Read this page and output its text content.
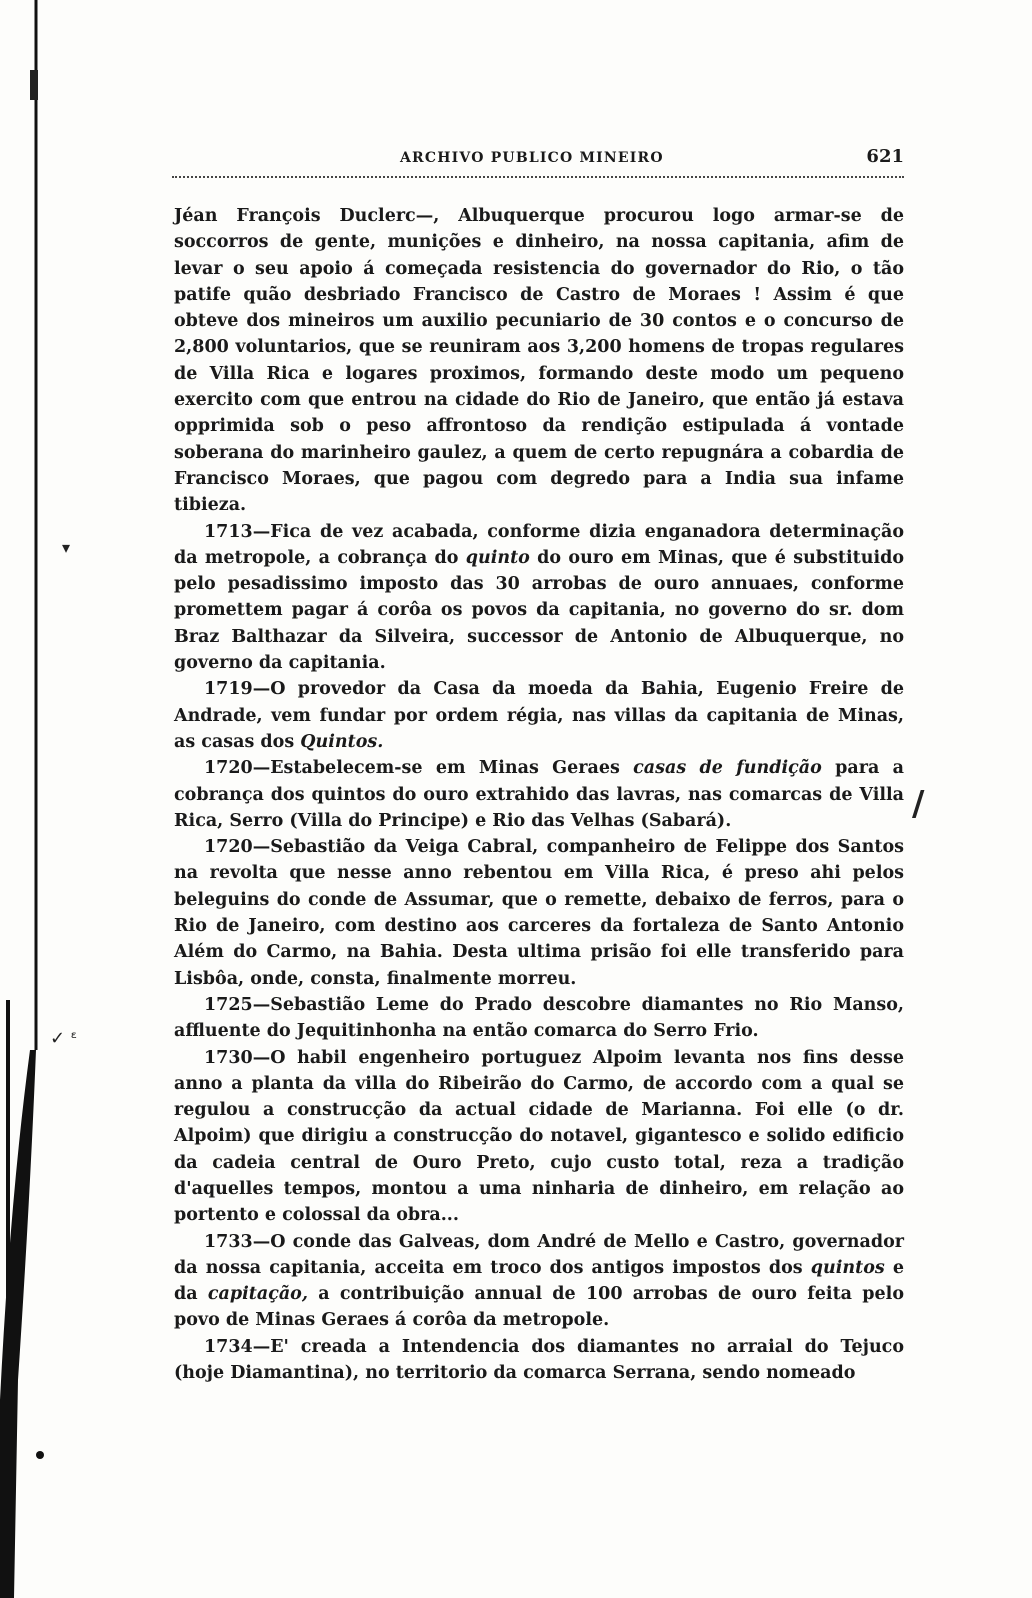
▾
✓ ᵋ
/
ARCHIVO PUBLICO MINEIRO	621

Jéan François Duclerc—, Albuquerque procurou logo armar-se de soccorros de gente, munições e dinheiro, na nossa capitania, afim de levar o seu apoio á começada resistencia do governador do Rio, o tão patife quão desbriado Francisco de Castro de Moraes ! Assim é que obteve dos mineiros um auxilio pecuniario de 30 contos e o concurso de 2,800 voluntarios, que se reuniram aos 3,200 homens de tropas regulares de Villa Rica e logares proximos, formando deste modo um pequeno exercito com que entrou na cidade do Rio de Janeiro, que então já estava opprimida sob o peso affrontoso da rendição estipulada á vontade soberana do marinheiro gaulez, a quem de certo repugnára a cobardia de Francisco Moraes, que pagou com degredo para a India sua infame tibieza.

1713—Fica de vez acabada, conforme dizia enganadora determinação da metropole, a cobrança do quinto do ouro em Minas, que é substituido pelo pesadissimo imposto das 30 arrobas de ouro annuaes, conforme promettem pagar á corôa os povos da capitania, no governo do sr. dom Braz Balthazar da Silveira, successor de Antonio de Albuquerque, no governo da capitania.

1719—O provedor da Casa da moeda da Bahia, Eugenio Freire de Andrade, vem fundar por ordem régia, nas villas da capitania de Minas, as casas dos Quintos.

1720—Estabelecem-se em Minas Geraes casas de fundição para a cobrança dos quintos do ouro extrahido das lavras, nas comarcas de Villa Rica, Serro (Villa do Principe) e Rio das Velhas (Sabará).

1720—Sebastião da Veiga Cabral, companheiro de Felippe dos Santos na revolta que nesse anno rebentou em Villa Rica, é preso ahi pelos beleguins do conde de Assumar, que o remette, debaixo de ferros, para o Rio de Janeiro, com destino aos carceres da fortaleza de Santo Antonio Além do Carmo, na Bahia. Desta ultima prisão foi elle transferido para Lisbôa, onde, consta, finalmente morreu.

1725—Sebastião Leme do Prado descobre diamantes no Rio Manso, affluente do Jequitinhonha na então comarca do Serro Frio.

1730—O habil engenheiro portuguez Alpoim levanta nos fins desse anno a planta da villa do Ribeirão do Carmo, de accordo com a qual se regulou a construcção da actual cidade de Marianna. Foi elle (o dr. Alpoim) que dirigiu a construcção do notavel, gigantesco e solido edificio da cadeia central de Ouro Preto, cujo custo total, reza a tradição d'aquelles tempos, montou a uma ninharia de dinheiro, em relação ao portento e colossal da obra...

1733—O conde das Galveas, dom André de Mello e Castro, governador da nossa capitania, acceita em troco dos antigos impostos dos quintos e da capitação, a contribuição annual de 100 arrobas de ouro feita pelo povo de Minas Geraes á corôa da metropole.

1734—E' creada a Intendencia dos diamantes no arraial do Tejuco (hoje Diamantina), no territorio da comarca Serrana, sendo nomeado
